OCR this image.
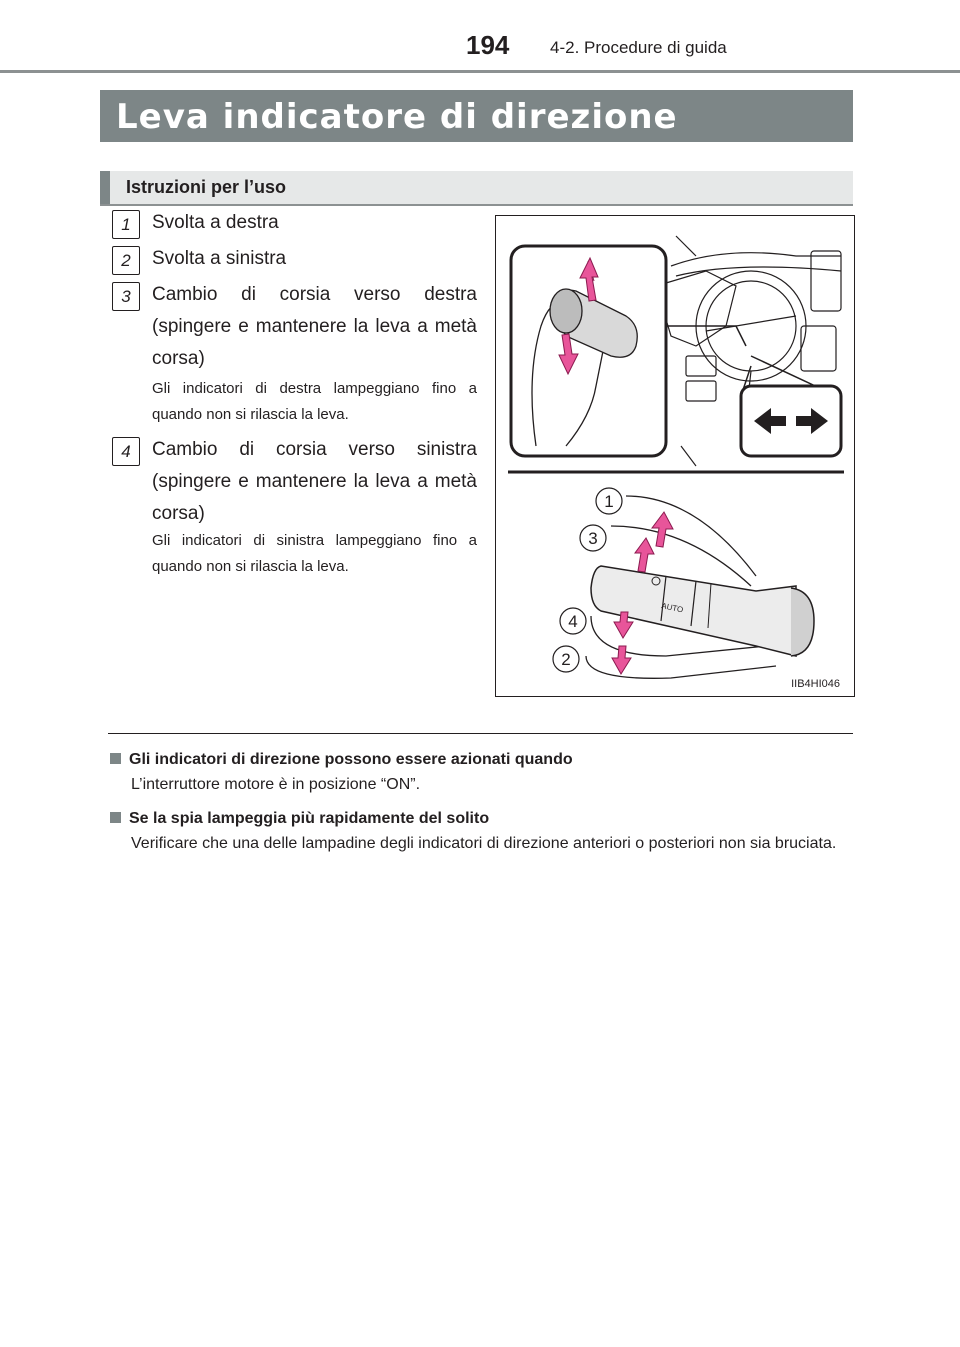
194 4-2. Procedure di guida
Leva indicatore di direzione
Istruzioni per l’uso
1	Svolta a destra
2	Svolta a sinistra
3	Cambio di corsia verso destra (spingere e mantenere la leva a metà corsa)
Gli indicatori di destra lampeggiano fino a quando non si rilascia la leva.
4	Cambio di corsia verso sinistra (spingere e mantenere la leva a metà corsa)
Gli indicatori di sinistra lampeggiano fino a quando non si rilascia la leva.
AUTO
1
3
4
2
IIB4HI046
Gli indicatori di direzione possono essere azionati quando
L’interruttore motore è in posizione “ON”.
Se la spia lampeggia più rapidamente del solito
Verificare che una delle lampadine degli indicatori di direzione anteriori o posteriori non sia bruciata.
